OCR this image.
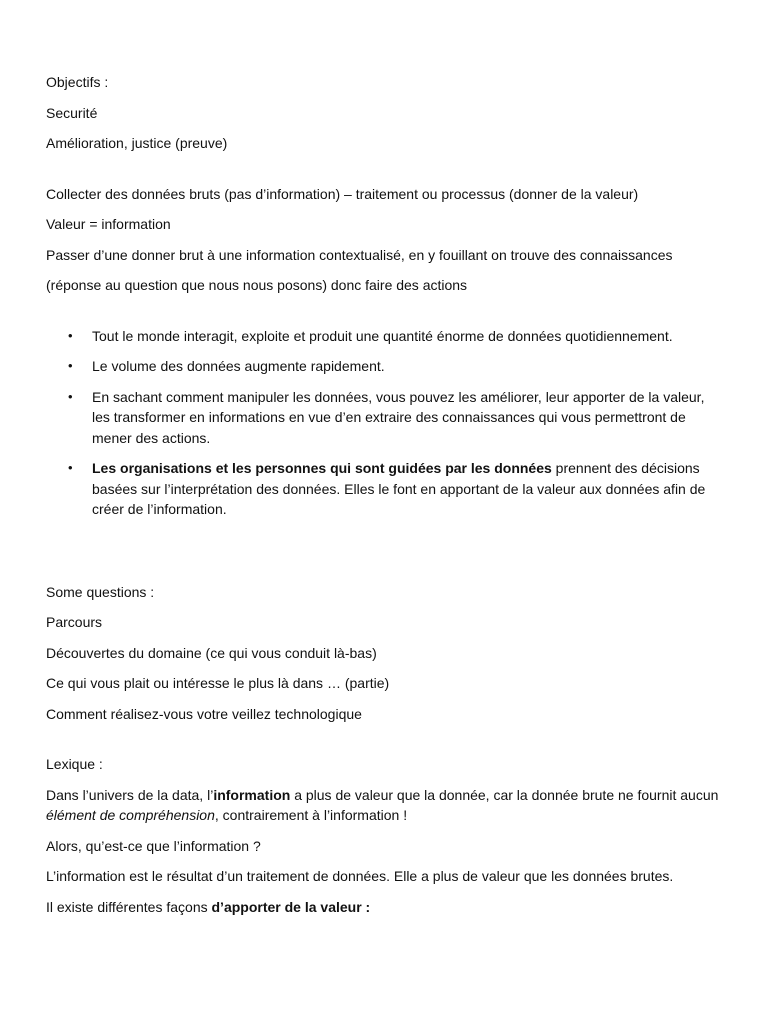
Objectifs :

Securité

Amélioration, justice (preuve)

Collecter des données bruts (pas d’information) – traitement ou processus (donner de la valeur)

Valeur = information

Passer d’une donner brut à une information contextualisé, en y fouillant on trouve des connaissances

(réponse au question que nous nous posons) donc faire des actions

• Tout le monde interagit, exploite et produit une quantité énorme de données quotidiennement.
• Le volume des données augmente rapidement.
• En sachant comment manipuler les données, vous pouvez les améliorer, leur apporter de la valeur, les transformer en informations en vue d’en extraire des connaissances qui vous permettront de mener des actions.
• Les organisations et les personnes qui sont guidées par les données prennent des décisions basées sur l’interprétation des données. Elles le font en apportant de la valeur aux données afin de créer de l’information.

Some questions :

Parcours

Découvertes du domaine (ce qui vous conduit là-bas)

Ce qui vous plait ou intéresse le plus là dans … (partie)

Comment réalisez-vous votre veillez technologique

Lexique :

Dans l’univers de la data, l’information a plus de valeur que la donnée, car la donnée brute ne fournit aucun élément de compréhension, contrairement à l’information !

Alors, qu’est-ce que l’information ?

L’information est le résultat d’un traitement de données. Elle a plus de valeur que les données brutes.

Il existe différentes façons d’apporter de la valeur :
